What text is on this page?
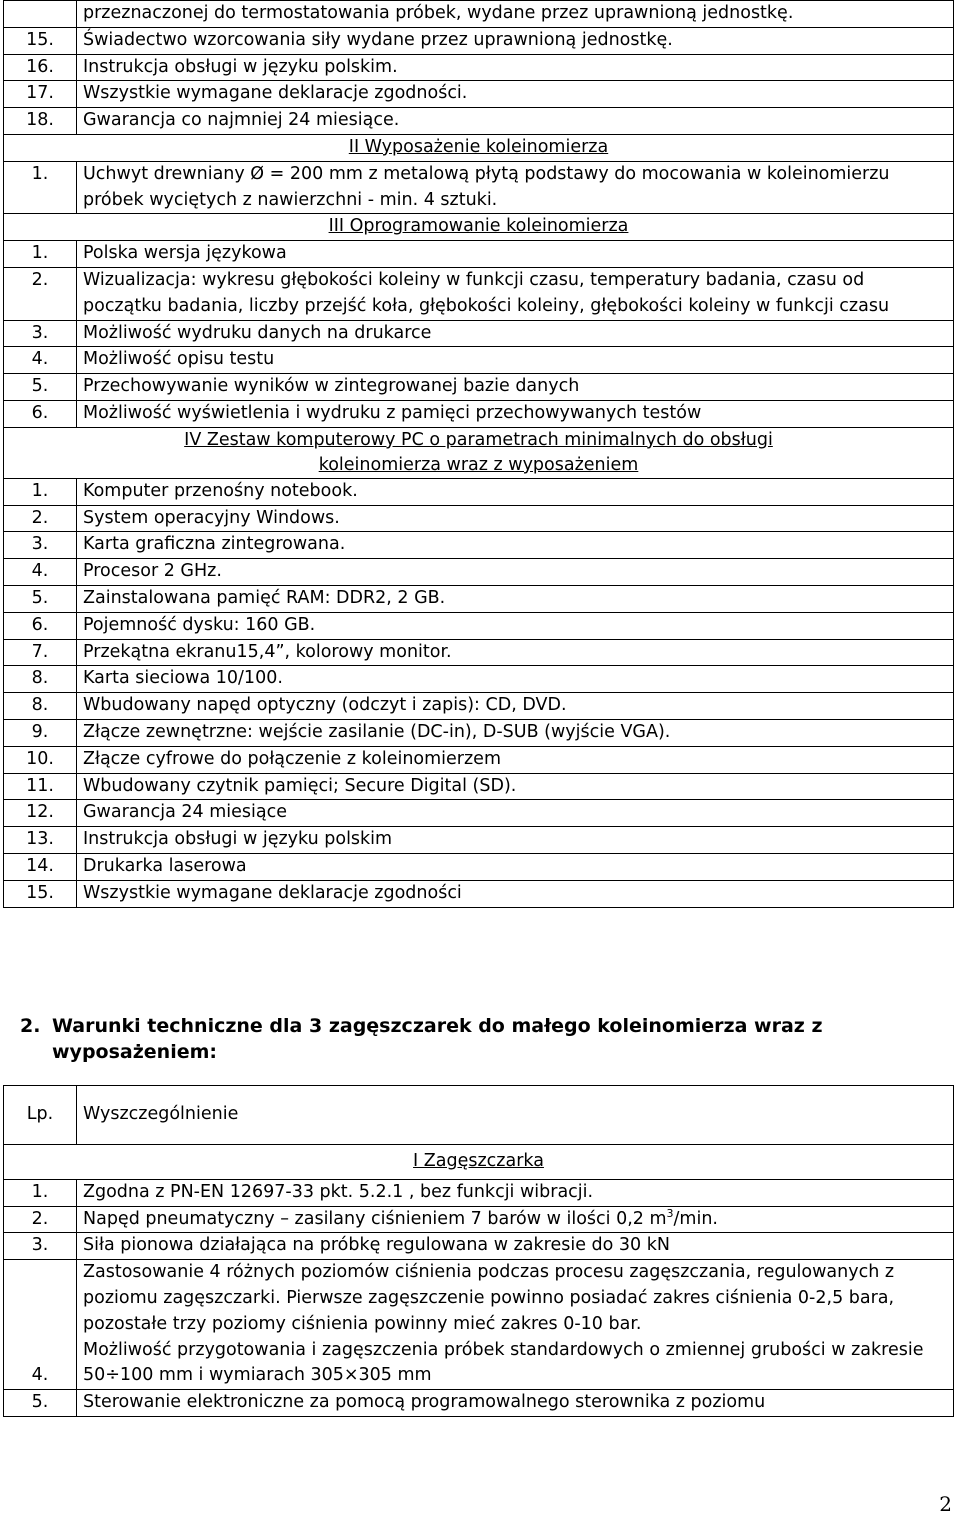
	przeznaczonej do termostatowania próbek, wydane przez uprawnioną jednostkę.
15.	Świadectwo wzorcowania siły wydane przez uprawnioną jednostkę.
16.	Instrukcja obsługi w języku polskim.
17.	Wszystkie wymagane deklaracje zgodności.
18.	Gwarancja co najmniej 24 miesiące.
II Wyposażenie koleinomierza	
1.	Uchwyt drewniany Ø = 200 mm z metalową płytą podstawy do mocowania w koleinomierzu próbek wyciętych z nawierzchni - min. 4 sztuki.
III Oprogramowanie koleinomierza	
1.	Polska wersja językowa
2.	Wizualizacja: wykresu głębokości koleiny w funkcji czasu, temperatury badania, czasu od początku badania, liczby przejść koła, głębokości koleiny, głębokości koleiny w funkcji czasu
3.	Możliwość wydruku danych na drukarce
4.	Możliwość opisu testu
5.	Przechowywanie wyników w zintegrowanej bazie danych
6.	Możliwość wyświetlenia i wydruku z pamięci przechowywanych testów
IV Zestaw komputerowy PC o parametrach minimalnych do obsługi
koleinomierza wraz z wyposażeniem	
1.	Komputer przenośny notebook.
2.	System operacyjny Windows.
3.	Karta graficzna zintegrowana.
4.	Procesor 2 GHz.
5.	Zainstalowana pamięć RAM: DDR2, 2 GB.
6.	Pojemność dysku: 160 GB.
7.	Przekątna ekranu15,4”, kolorowy monitor.
8.	Karta sieciowa 10/100.
8.	Wbudowany napęd optyczny (odczyt i zapis): CD, DVD.
9.	Złącze zewnętrzne: wejście zasilanie (DC-in), D-SUB (wyjście VGA).
10.	Złącze cyfrowe do połączenie z koleinomierzem
11.	Wbudowany czytnik pamięci; Secure Digital (SD).
12.	Gwarancja 24 miesiące
13.	Instrukcja obsługi w języku polskim
14.	Drukarka laserowa
15.	Wszystkie wymagane deklaracje zgodności
2. Warunki techniczne dla 3 zagęszczarek do małego koleinomierza wraz z
wyposażeniem:
Lp.	Wyszczególnienie
I Zagęszczarka	
1.	Zgodna z PN-EN 12697-33 pkt. 5.2.1 , bez funkcji wibracji.
2.	Napęd pneumatyczny – zasilany ciśnieniem 7 barów w ilości 0,2 $m^3/\min$.
3.	Siła pionowa działająca na próbkę regulowana w zakresie do 30 kN
4.	Zastosowanie 4 różnych poziomów ciśnienia podczas procesu zagęszczania, regulowanych z poziomu zagęszczarki. Pierwsze zagęszczenie powinno posiadać zakres ciśnienia 0-2,5 bara, pozostałe trzy poziomy ciśnienia powinny mieć zakres 0-10 bar.
Możliwość przygotowania i zagęszczenia próbek standardowych o zmiennej grubości w zakresie 50÷100 mm i wymiarach 305×305 mm

5.	Sterowanie elektroniczne za pomocą programowalnego sterownika z poziomu
2
